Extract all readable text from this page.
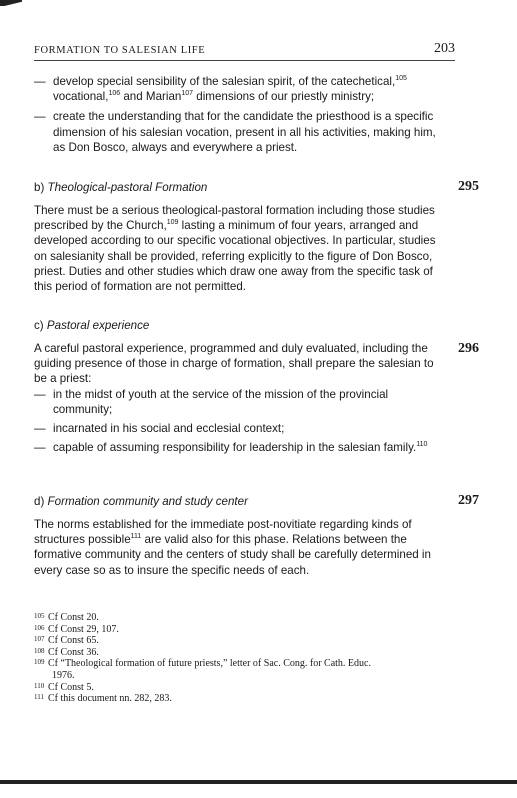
FORMATION TO SALESIAN LIFE	203
— develop special sensibility of the salesian spirit, of the catechetical,$^{105}$ vocational,$^{106}$ and Marian$^{107}$ dimensions of our priestly ministry;
— create the understanding that for the candidate the priesthood is a specific dimension of his salesian vocation, present in all his activities, making him, as Don Bosco, always and everywhere a priest.
b) Theological-pastoral Formation	295

There must be a serious theological-pastoral formation including those studies prescribed by the Church,$^{109}$ lasting a minimum of four years, arranged and developed according to our specific vocational objectives. In particular, studies on salesianity shall be provided, referring explicitly to the figure of Don Bosco, priest. Duties and other studies which draw one away from the specific task of this period of formation are not permitted.

c) Pastoral experience
296

A careful pastoral experience, programmed and duly evaluated, including the guiding presence of those in charge of formation, shall prepare the salesian to be a priest:

— in the midst of youth at the service of the mission of the provincial community;
— incarnated in his social and ecclesial context;
— capable of assuming responsibility for leadership in the salesian family.$^{110}$
d) Formation community and study center	297

The norms established for the immediate post-novitiate regarding kinds of structures possible$^{111}$ are valid also for this phase. Relations between the formative community and the centers of study shall be carefully determined in every case so as to insure the specific needs of each.

105 Cf Const 20.
106 Cf Const 29, 107.
107 Cf Const 65.
108 Cf Const 36.
109 Cf “Theological formation of future priests,” letter of Sac. Cong. for Cath. Educ.
1976.
110 Cf Const 5.
111 Cf this document nn. 282, 283.
